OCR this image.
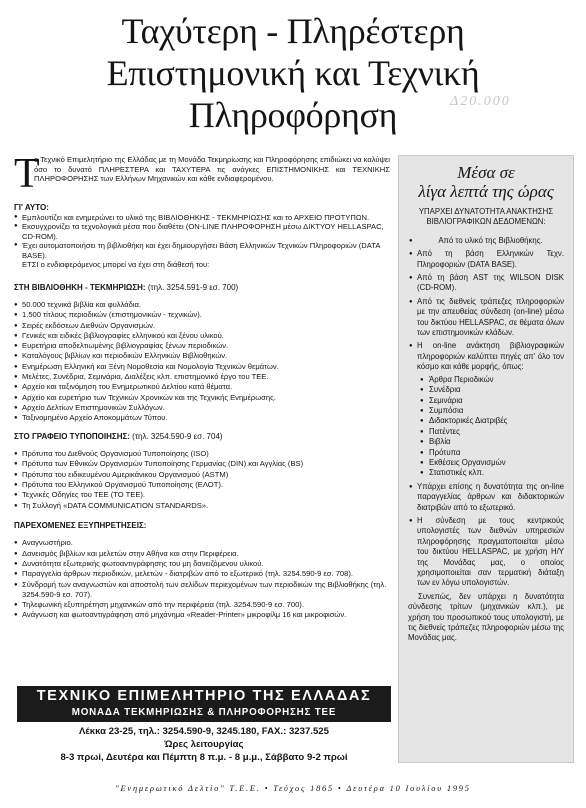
Ταχύτερη - Πληρέστερη
Επιστημονική και Τεχνική
Πληροφόρηση	Δ20.000
Τ

ο Τεχνικό Επιμελητήριο της Ελλάδας με τη Μονάδα Τεκμηρίωσης και Πληροφόρησης επιδιώκει να καλύψει όσο το δυνατό ΠΛΗΡΕΣΤΕΡΑ και ΤΑΧΥΤΕΡΑ τις ανάγκες ΕΠΙΣΤΗΜΟΝΙΚΗΣ και ΤΕΧΝΙΚΗΣ ΠΛΗΡΟΦΟΡΗΣΗΣ των Ελλήνων Μηχανικών και κάθε ενδιαφερομένου.

ΓΙ' ΑΥΤΟ:
● Εμπλουτίζει και ενημερώνει το υλικό της ΒΙΒΛΙΟΘΗΚΗΣ - ΤΕΚΜΗΡΙΩΣΗΣ και το ΑΡΧΕΙΟ ΠΡΟΤΥΠΩΝ.
● Εκσυγχρονίζει τα τεχνολογικά μέσα που διαθέτει (ON-LINE ΠΛΗΡΟΦΟΡΗΣΗ μέσω ΔΙΚΤΥΟΥ HELLASPAC, CD-ROM).
● Έχει αυτοματοποιήσει τη βιβλιοθήκη και έχει δημιουργήσει Βάση Ελληνικών Τεχνικών Πληροφοριών (DATA BASE).
ΕΤΣΙ ο ενδιαφερόμενος μπορεί να έχει στη διάθεσή του:
ΣΤΗ ΒΙΒΛΙΟΘΗΚΗ - ΤΕΚΜΗΡΙΩΣΗ: (τηλ. 3254.591-9 εσ. 700)
● 50.000 τεχνικά βιβλία και φυλλάδια.
● 1.500 τίτλους περιοδικών (επιστημονικών - τεχνικών).
● Σειρές εκδόσεων Διεθνών Οργανισμών.
● Γενικές και ειδικές βιβλιογραφίες ελληνικού και ξένου υλικού.
● Ευρετήρια αποδελτιωμένης βιβλιογραφίας ξένων περιοδικών.
● Καταλόγους βιβλίων και περιοδικών Ελληνικών Βιβλιοθηκών.
● Ενημέρωση Ελληνική και Ξένη Νομοθεσία και Νομολογία Τεχνικών θεμάτων.
● Μελέτες, Συνέδρια, Σεμινάρια, Διαλέξεις κλπ. επιστημονικό έργο του ΤΕΕ.
● Αρχείο και ταξινόμηση του Ενημερωτικού Δελτίου κατά θέματα.
● Αρχείο και ευρετήριο των Τεχνικών Χρονικών και της Τεχνικής Ενημέρωσης.
● Αρχείο Δελτίων Επιστημονικών Συλλόγων.
● Ταξινομημένο Αρχείο Αποκομμάτων Τύπου.
ΣΤΟ ΓΡΑΦΕΙΟ ΤΥΠΟΠΟΙΗΣΗΣ: (τηλ. 3254.590-9 εσ. 704)
● Πρότυπα του Διεθνούς Οργανισμού Τυποποίησης (ISO)
● Πρότυπα των Εθνικών Οργανισμών Τυποποίησης Γερμανίας (DIN) και Αγγλίας (BS)
● Πρότυπα του ειδικευμένου Αμερικάνικου Οργανισμού (ASTM)
● Πρότυπα του Ελληνικού Οργανισμού Τυποποίησης (ΕΛΟΤ).
● Τεχνικές Οδηγίες του ΤΕΕ (ΤΟ ΤΕΕ).
● Τη Συλλογή «DATA COMMUNICATION STANDARDS».
ΠΑΡΕΧΟΜΕΝΕΣ ΕΞΥΠΗΡΕΤΗΣΕΙΣ:
● Αναγνωστήριο.
● Δανεισμός βιβλίων και μελετών στην Αθήνα και στην Περιφέρεια.
● Δυνατότητα εξωτερικής φωτοαντιγράφησης του μη δανειζόμενου υλικού.
● Παραγγελία άρθρων περιοδικών, μελετών - διατριβών από το εξωτερικό (τηλ. 3254.590-9 εσ. 708).
● Σύνδρομή των αναγνωστών και αποστολή των σελίδων περιεχομένων των περιοδικών της Βιβλιοθήκης (τηλ. 3254.590-9 εσ. 707).
● Τηλεφωνική εξυπηρέτηση μηχανικών από την περιφέρεια (τηλ. 3254.590-9 εσ. 700).
● Ανάγνωση και φωτοαντιγράφηση από μηχάνημα «Reader-Printer» μικροφίλμ 16 και μικροφισών.
ΤΕΧΝΙΚΟ ΕΠΙΜΕΛΗΤΗΡΙΟ ΤΗΣ ΕΛΛΑΔΑΣ
ΜΟΝΑΔΑ ΤΕΚΜΗΡΙΩΣΗΣ & ΠΛΗΡΟΦΟΡΗΣΗΣ ΤΕΕ
Λέκκα 23-25, τηλ.: 3254.590-9, 3245.180, FAX.: 3237.525
Ώρες λειτουργίας
8-3 πρωί, Δευτέρα και Πέμπτη 8 π.μ. - 8 μ.μ., Σάββατο 9-2 πρωί
"Ενημερωτικό Δελτίο" Τ.Ε.Ε. • Τεύχος 1865 • Δευτέρα 10 Ιουλίου 1995
Μέσα σε
λίγα λεπτά της ώρας
ΥΠΑΡΧΕΙ ΔΥΝΑΤΟΤΗΤΑ ΑΝΑΚΤΗΣΗΣ ΒΙΒΛΙΟΓΡΑΦΙΚΩΝ ΔΕΔΟΜΕΝΩΝ:

● Από το υλικό της Βιβλιοθήκης.

● Από τη βάση Ελληνικών Τεχν. Πληροφοριών (DATA BASE).

● Από τη βάση AST της WILSON DISK (CD-ROM).

● Από τις διεθνείς τράπεζες πληροφοριών με την απευθείας σύνδεση (on-line) μέσω του δικτύου HELLASPAC, σε θέματα όλων των επιστημονικών κλάδων.

● Η on-line ανάκτηση βιβλιογραφικών πληροφοριών καλύπτει πηγές απ' όλο τον κόσμο και κάθε μορφής, όπως:

● Άρθρα Περιοδικών
● Συνέδρια
● Σεμινάρια
● Συμπόσια
● Διδακτορικές Διατριβές
● Πατέντες
● Βιβλία
● Πρότυπα
● Εκθέσεις Οργανισμών
● Στατιστικές κλπ.

● Υπάρχει επίσης η δυνατότητα της on-line παραγγελίας άρθρων και διδακτορικών διατριβών από το εξωτερικό.

● Η σύνδεση με τους κεντρικούς υπολογιστές των διεθνών υπηρεσιών πληροφόρησης πραγματοποιείται μέσω του δικτύου HELLASPAC, με χρήση Η/Υ της Μονάδας μας, ο οποίος χρησιμοποιείται σαν τερματική διάταξη των εν λόγω υπολογιστών.

Συνεπώς, δεν υπάρχει η δυνατότητα σύνδεσης τρίτων (μηχανικών κλπ.), με χρήση του προσωπικού τους υπολογιστή, με τις διεθνείς τράπεζες πληροφοριών μέσω της Μονάδας μας.
